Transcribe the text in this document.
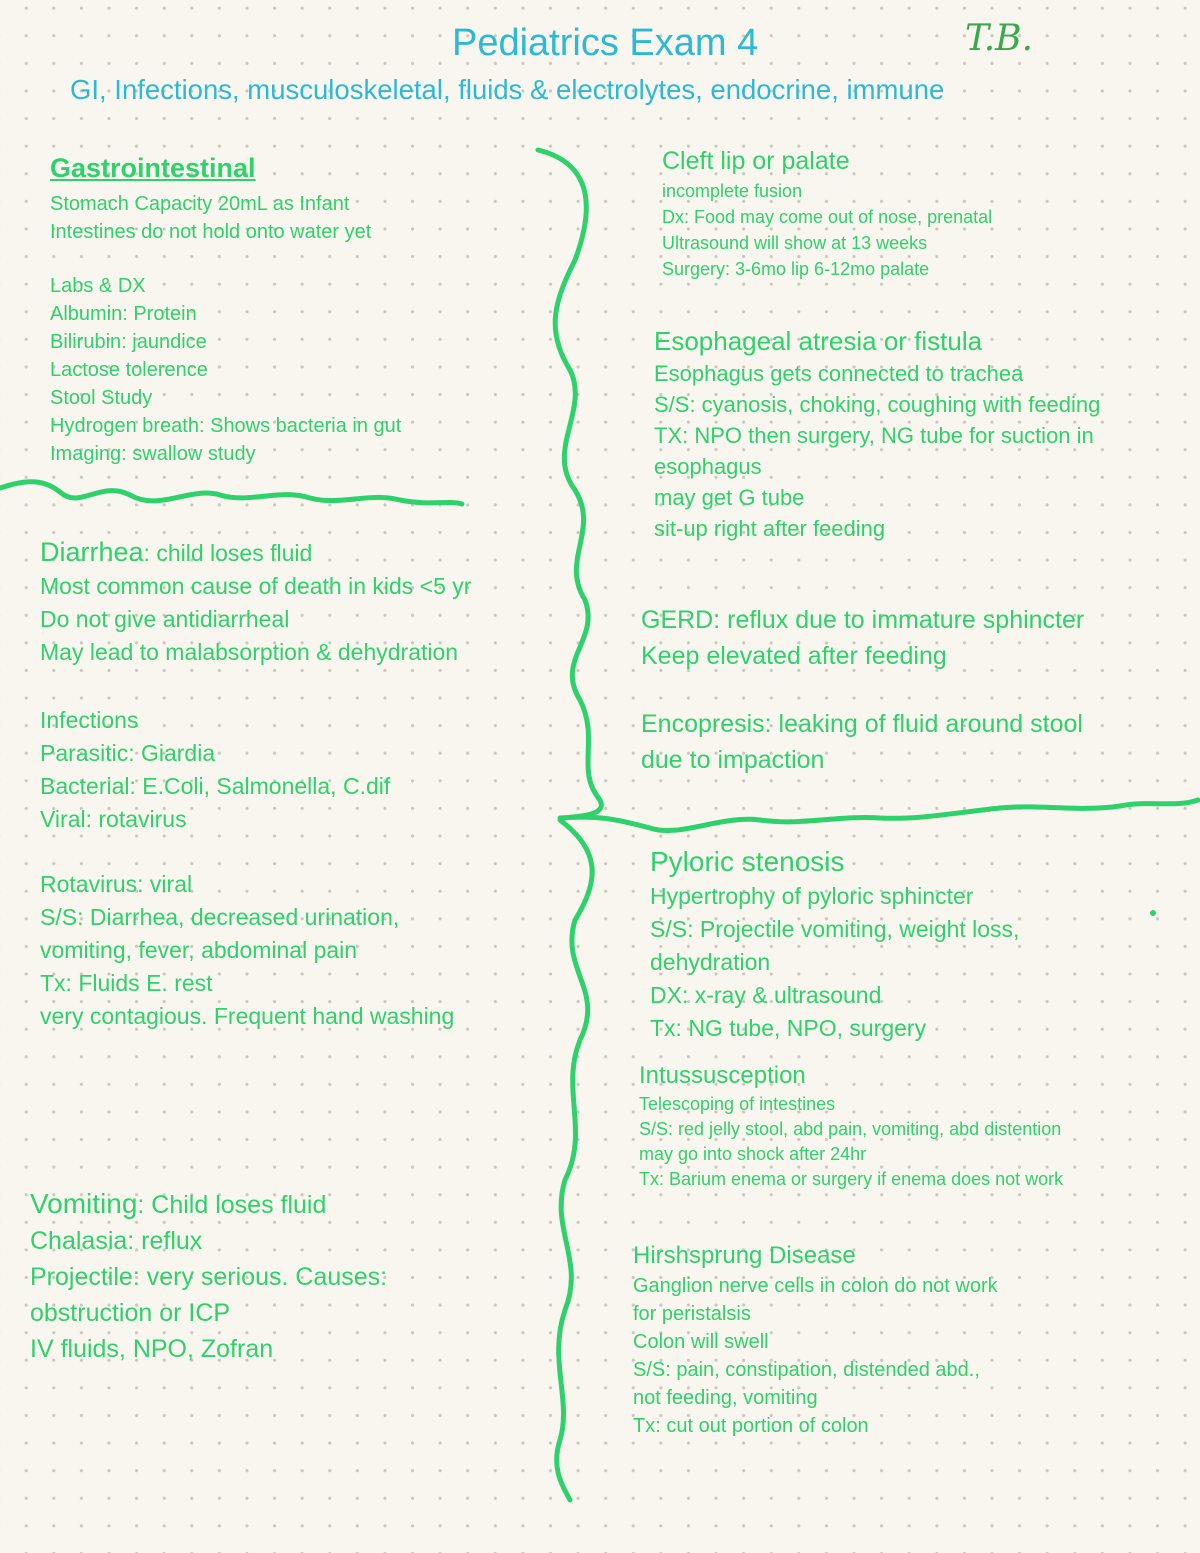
Pediatrics Exam 4	T.B.
GI, Infections, musculoskeletal, fluids & electrolytes, endocrine, immune
Gastrointestinal
Stomach Capacity 20mL as Infant
Intestines do not hold onto water yet
Labs & DX
Albumin: Protein
Bilirubin: jaundice
Lactose tolerence
Stool Study
Hydrogen breath: Shows bacteria in gut
Imaging: swallow study
Diarrhea: child loses fluid
Most common cause of death in kids <5 yr
Do not give antidiarrheal
May lead to malabsorption & dehydration
Infections
Parasitic: Giardia
Bacterial: E.Coli, Salmonella, C.dif
Viral: rotavirus
Rotavirus: viral
S/S: Diarrhea, decreased urination,
vomiting, fever, abdominal pain
Tx: Fluids E. rest
very contagious. Frequent hand washing
Vomiting: Child loses fluid
Chalasia: reflux
Projectile: very serious. Causes:
obstruction or ICP
IV fluids, NPO, Zofran
Cleft lip or palate
incomplete fusion
Dx: Food may come out of nose, prenatal
Ultrasound will show at 13 weeks
Surgery: 3-6mo lip 6-12mo palate
Esophageal atresia or fistula
Esophagus gets connected to trachea
S/S: cyanosis, choking, coughing with feeding
TX: NPO then surgery, NG tube for suction in
esophagus
may get G tube
sit-up right after feeding
GERD: reflux due to immature sphincter
Keep elevated after feeding
Encopresis: leaking of fluid around stool
due to impaction
Pyloric stenosis
Hypertrophy of pyloric sphincter
S/S: Projectile vomiting, weight loss,
dehydration
DX: x-ray & ultrasound
Tx: NG tube, NPO, surgery
Intussusception
Telescoping of intestines
S/S: red jelly stool, abd pain, vomiting, abd distention
may go into shock after 24hr
Tx: Barium enema or surgery if enema does not work
Hirshsprung Disease
Ganglion nerve cells in colon do not work
for peristalsis
Colon will swell
S/S: pain, constipation, distended abd.,
not feeding, vomiting
Tx: cut out portion of colon
